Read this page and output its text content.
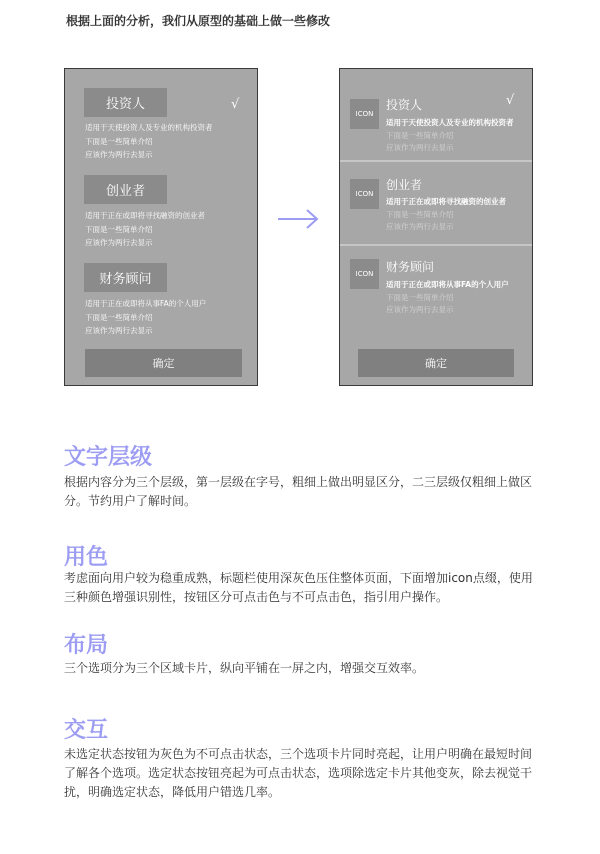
根据上面的分析，我们从原型的基础上做一些修改
投资人	√
适用于天使投资人及专业的机构投资者
下面是一些简单介绍
应该作为两行去显示
创业者
适用于正在或即将寻找融资的创业者
下面是一些简单介绍
应该作为两行去显示
财务顾问
适用于正在或即将从事FA的个人用户
下面是一些简单介绍
应该作为两行去显示
确定
ICON
投资人	√
适用于天使投资人及专业的机构投资者
下面是一些简单介绍
应该作为两行去显示
ICON
创业者
适用于正在或即将寻找融资的创业者
下面是一些简单介绍
应该作为两行去显示
ICON	财务顾问
适用于正在或即将从事FA的个人用户
下面是一些简单介绍
应该作为两行去显示
确定
文字层级
根据内容分为三个层级，第一层级在字号，粗细上做出明显区分，二三层级仅粗细上做区分。节约用户了解时间。
用色
考虑面向用户较为稳重成熟，标题栏使用深灰色压住整体页面，下面增加icon点缀，使用三种颜色增强识别性，按钮区分可点击色与不可点击色，指引用户操作。
布局
三个选项分为三个区域卡片，纵向平铺在一屏之内，增强交互效率。
交互
未选定状态按钮为灰色为不可点击状态，三个选项卡片同时亮起，让用户明确在最短时间了解各个选项。选定状态按钮亮起为可点击状态，选项除选定卡片其他变灰，除去视觉干扰，明确选定状态，降低用户错选几率。
